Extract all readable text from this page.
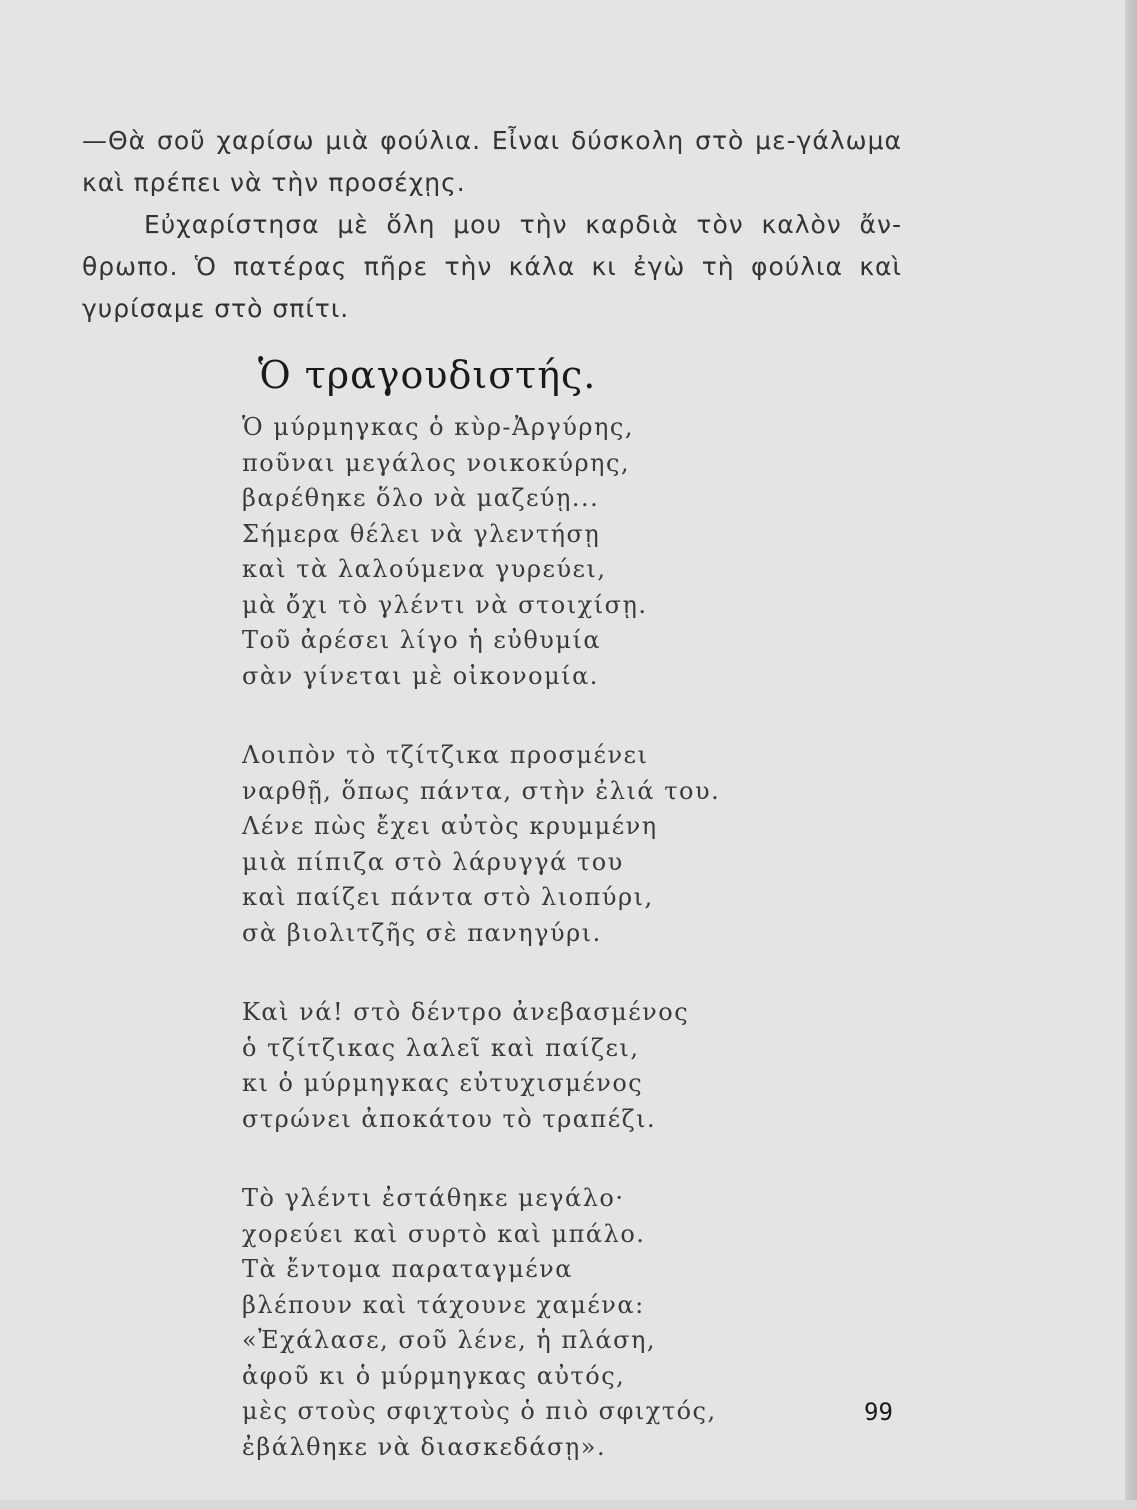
—Θὰ σοῦ χαρίσω μιὰ φούλια. Εἶναι δύσκολη στὸ με-γάλωμα καὶ πρέπει νὰ τὴν προσέχῃς.

Εὐχαρίστησα μὲ ὅλη μου τὴν καρδιὰ τὸν καλὸν ἄν-θρωπο. Ὁ πατέρας πῆρε τὴν κάλα κι ἐγὼ τὴ φούλια καὶ γυρίσαμε στὸ σπίτι.

Ὁ τραγουδιστής.
Ὁ μύρμηγκας ὁ κὺρ-Ἀργύρης,
ποῦναι μεγάλος νοικοκύρης,
βαρέθηκε ὅλο νὰ μαζεύῃ...
Σήμερα θέλει νὰ γλεντήσῃ
καὶ τὰ λαλούμενα γυρεύει,
μὰ ὄχι τὸ γλέντι νὰ στοιχίσῃ.
Τοῦ ἀρέσει λίγο ἡ εὐθυμία
σὰν γίνεται μὲ οἰκονομία.
Λοιπὸν τὸ τζίτζικα προσμένει
ναρθῇ, ὅπως πάντα, στὴν ἐλιά του.
Λένε πὼς ἔχει αὐτὸς κρυμμένη
μιὰ πίπιζα στὸ λάρυγγά του
καὶ παίζει πάντα στὸ λιοπύρι,
σὰ βιολιτζῆς σὲ πανηγύρι.
Καὶ νά! στὸ δέντρο ἀνεβασμένος
ὁ τζίτζικας λαλεῖ καὶ παίζει,
κι ὁ μύρμηγκας εὐτυχισμένος
στρώνει ἀποκάτου τὸ τραπέζι.
Τὸ γλέντι ἐστάθηκε μεγάλο·
χορεύει καὶ συρτὸ καὶ μπάλο.
Τὰ ἔντομα παραταγμένα
βλέπουν καὶ τάχουνε χαμένα:
«Ἐχάλασε, σοῦ λένε, ἡ πλάση,
ἀφοῦ κι ὁ μύρμηγκας αὐτός,
μὲς στοὺς σφιχτοὺς ὁ πιὸ σφιχτός,
ἐβάλθηκε νὰ διασκεδάσῃ».
99
